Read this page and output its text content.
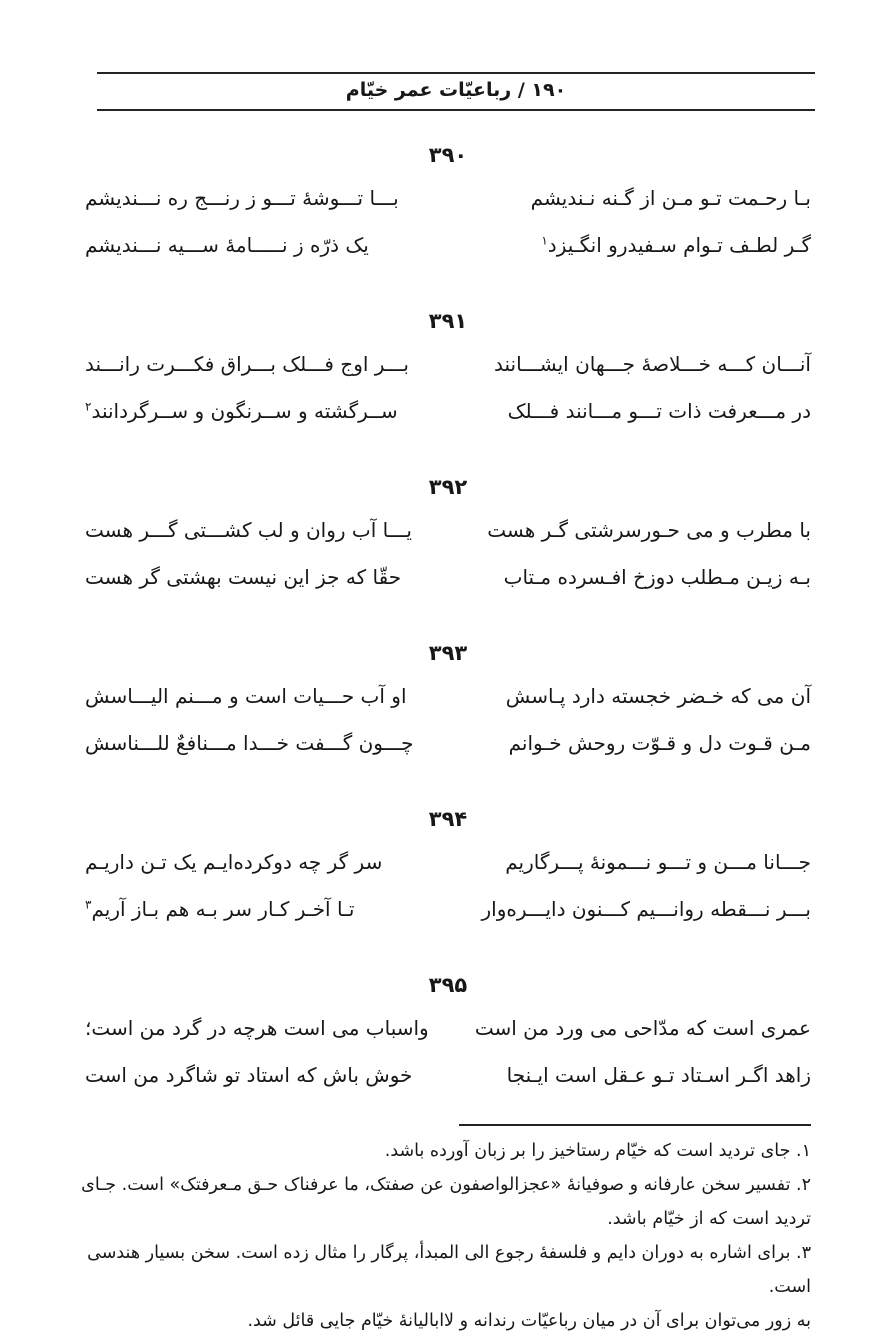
۱۹۰ / رباعیّات عمر خیّام
۳۹۰
بـا رحـمت تـو مـن از گـنه نـندیشم
بـــا تـــوشهٔ تـــو ز رنـــج ره نـــندیشم
گـر لطـف تـوام سـفیدرو انگـیزد$^۱$
یک ذرّه ز نـــــامهٔ ســـیه نـــندیشم
۳۹۱
آنـــان کـــه خـــلاصهٔ جـــهان ایشـــانند
بـــر اوج فـــلک بـــراق فکـــرت رانـــند
در مـــعرفت ذات تـــو مـــانند فـــلک
ســرگشته و ســرنگون و ســرگردانند$^۲$
۳۹۲
با مطرب و می حـورسرشتی گـر هست
یـــا آب روان و لب کشـــتی گـــر هست
بـه زیـن مـطلب دوزخ افـسرده مـتاب
حقّا که جز این نیست بهشتی گر هست
۳۹۳
آن می که خـضر خجسته دارد پـاسش
او آب حـــیات است و مـــنم الیـــاسش
مـن قـوت دل و قـوّت روحش خـوانم
چـــون گـــفت خـــدا مـــنافعٌ للـــناسش
۳۹۴
جـــانا مـــن و تـــو نـــمونهٔ پـــرگاریم
سر گر چه دوکرده‌ایـم یک تـن داریـم
بـــر نـــقطه روانـــیم کـــنون دایـــره‌وار
تـا آخـر کـار سر بـه هم بـاز آریم$^۳$
۳۹۵
عمری است که مدّاحی می ورد من است
واسباب می است هرچه در گرد من است؛
زاهد اگـر اسـتاد تـو عـقل است ایـنجا
خوش باش که استاد تو شاگرد من است
۱. جای تردید است که خیّام رستاخیز را بر زبان آورده باشد.
۲. تفسیر سخن عارفانه و صوفیانهٔ «عجزالواصفون عن صفتک، ما عرفناک حـق مـعرفتک» است. جـای
تردید است که از خیّام باشد.
۳. برای اشاره به دوران دایم و فلسفهٔ رجوع الی المبدأ، پرگار را مثال زده است. سخن بسیار هندسی است.
به زور می‌توان برای آن در میان رباعیّات رندانه و لاابالیانهٔ خیّام جایی قائل شد.
